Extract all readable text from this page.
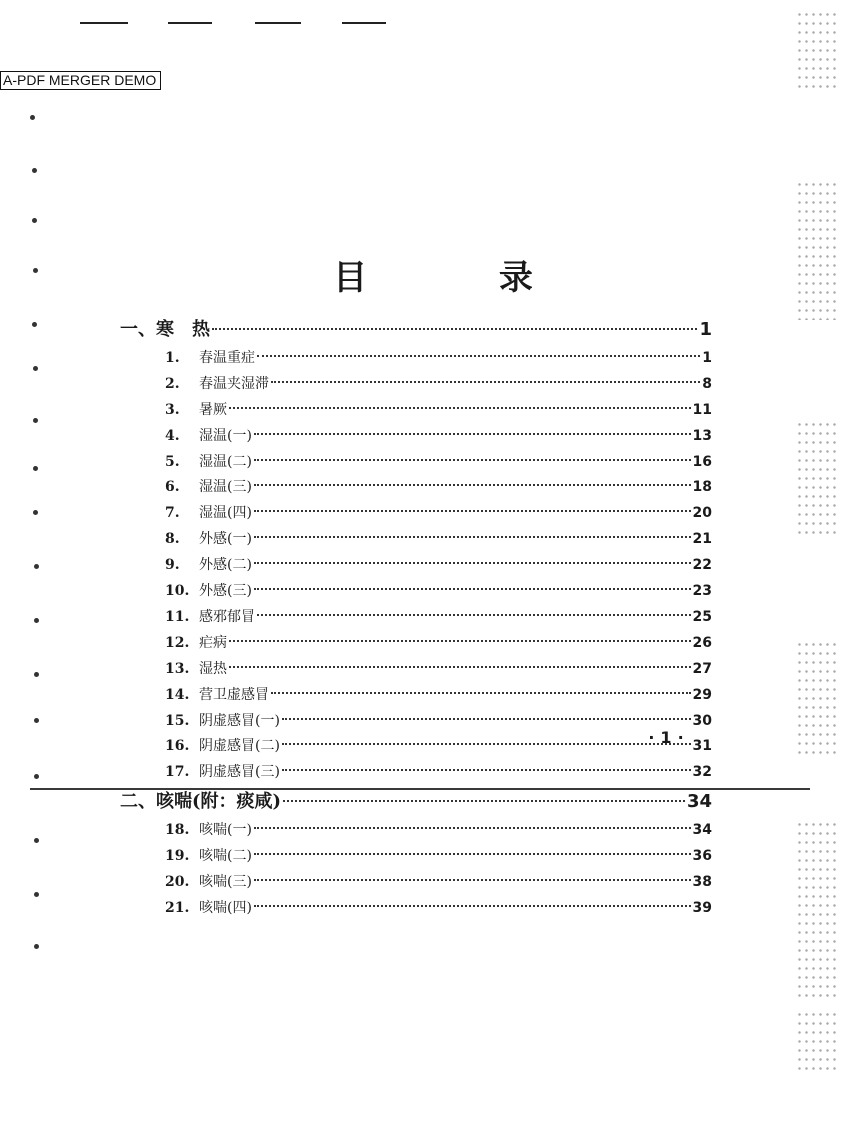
A-PDF MERGER DEMO
目 录
一、寒　热	1
1.	春温重症	1
2.	春温夹湿滞	8
3.	暑厥	11
4.	湿温(一)	13
5.	湿温(二)	16
6.	湿温(三)	18
7.	湿温(四)	20
8.	外感(一)	21
9.	外感(二)	22
10. 外感(三)	23
11. 感邪郁冒	25
12. 疟病	26
13. 湿热	27
14. 营卫虚感冒	29
15. 阴虚感冒(一)	30
16. 阴虚感冒(二)	31
17. 阴虚感冒(三)	32
二、咳喘(附：痰咸)	34
18. 咳喘(一)	34
19. 咳喘(二)	36
20. 咳喘(三)	38
21. 咳喘(四)	39
· 1 ·
